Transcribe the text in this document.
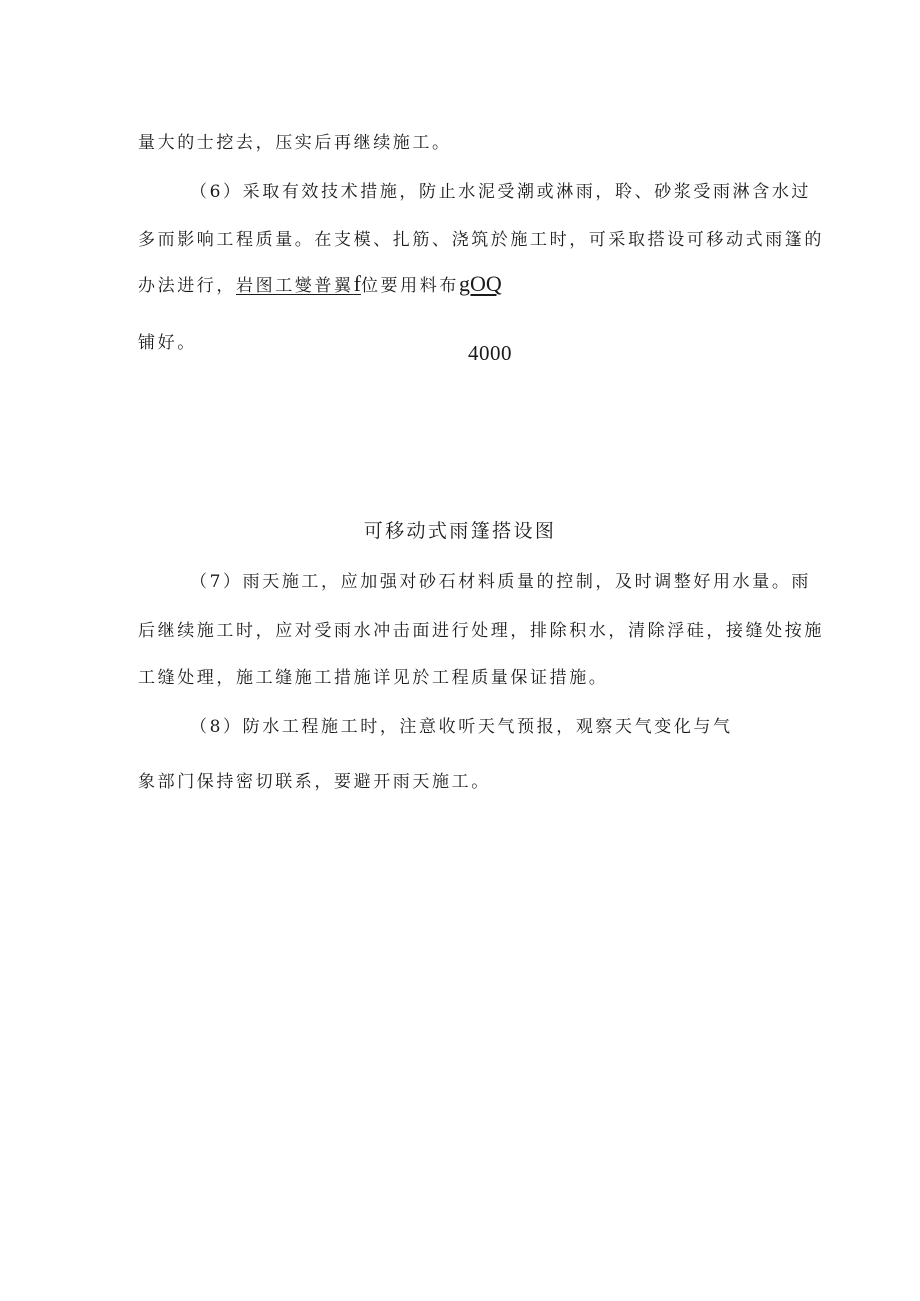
量大的士挖去，压实后再继续施工。
（6）采取有效技术措施，防止水泥受潮或淋雨，聆、砂浆受雨淋含水过
多而影响工程质量。在支模、扎筋、浇筑於施工时，可采取搭设可移动式雨篷的
办法进行，岩图工燮普翼f位要用料布gOQ
铺好。	4000
可移动式雨篷搭设图
（7）雨天施工，应加强对砂石材料质量的控制，及时调整好用水量。雨
后继续施工时，应对受雨水冲击面进行处理，排除积水，清除浮硅，接缝处按施
工缝处理，施工缝施工措施详见於工程质量保证措施。
（8）防水工程施工时，注意收听天气预报，观察天气变化与气
象部门保持密切联系，要避开雨天施工。
